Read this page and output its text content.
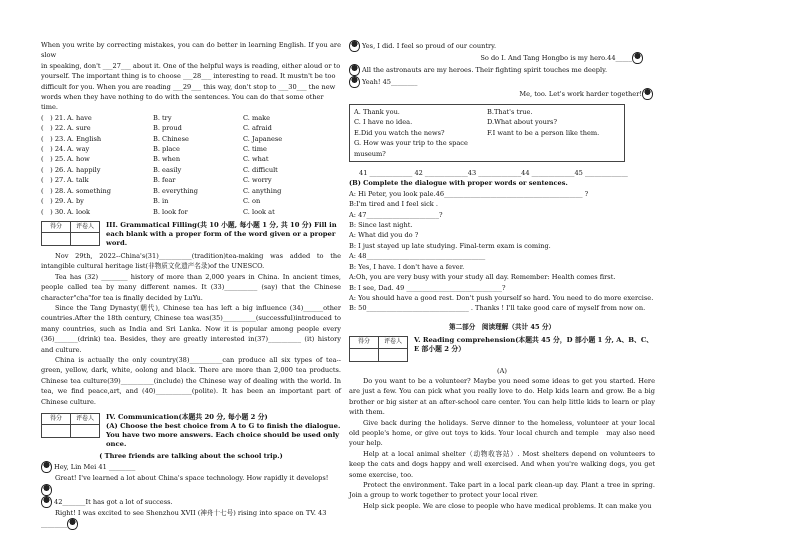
When you write by correcting mistakes, you can do better in learning English. If you are slow

in speaking, don't ___27___ about it. One of the helpful ways is reading, either aloud or to

yourself. The important thing is to choose ___28___ interesting to read. It mustn't be too

difficult for you. When you are reading ___29___ this way, don't stop to ___30___ the new

words when they have nothing to do with the sentences. You can do that some other time.

(　) 21. A. have	B. try	C. make
(　) 22. A. sure	B. proud	C. afraid
(　) 23. A. English	B. Chinese	C. Japanese
(　) 24. A. way	B. place	C. time
(　) 25. A. how	B. when	C. what
(　) 26. A. happily	B. easily	C. difficult
(　) 27. A. talk	B. fear	C. worry
(　) 28. A. something	B. everything	C. anything
(　) 29. A. by	B. in	C. on
(　) 30. A. look	B. look for	C. look at
得分	评卷人
	III. Grammatical Filling(共 10 小题, 每小题 1 分, 共 10 分) Fill in each blank with a proper form of the word given or a proper word.

Nov 29th, 2022--China's(31)__________(tradition)tea-making was added to the intangible cultural heritage list(非物质文化遗产名录)of the UNESCO.

Tea has (32) ________ history of more than 2,000 years in China. In ancient times, people called tea by many different names. It (33)__________ (say) that the Chinese character"cha"for tea is finally decided by LuYu.

Since the Tang Dynasty(朝代), Chinese tea has left a big influence (34)______other countries.After the 18th century, Chinese tea was(35)__________(successful)introduced to many countries, such as India and Sri Lanka. Now it is popular among people every (36)_______(drink) tea. Besides, they are greatly interested in(37)__________ (it) history and culture.

China is actually the only country(38)__________can produce all six types of tea--green, yellow, dark, white, oolong and black. There are more than 2,000 tea products. Chinese tea culture(39)__________(include) the Chinese way of dealing with the world. In tea, we find peace,art, and (40)___________(polite). It has been an important part of Chinese culture.

得分	评卷人
	IV. Communication(本题共 20 分, 每小题 2 分)
(A) Choose the best choice from A to G to finish the dialogue. You have two more answers. Each choice should be used only once.

( Three friends are talking about the school trip.)

Hey, Lin Mei 41 ________

Great! I've learned a lot about China's space technology. How rapidly it develops!

42_______It has got a lot of success.

Right! I was excited to see Shenzhou XVII (神舟十七号) rising into space on TV. 43 ________

Yes, I did. I feel so proud of our country.

So do I. And Tang Hongbo is my hero.44_____

All the astronauts are my heroes. Their fighting spirit touches me deeply.

Yeah! 45________

Me, too. Let's work harder together!

A. Thank you.	B.That's true.
C. I have no idea.	D.What about yours?
E.Did you watch the news?	F.I want to be a person like them.
G. How was your trip to the space museum?

41 _____________ 42 _____________43 _____________44 _____________45 _____________

(B) Complete the dialogue with proper words or sentences.

A: Hi Peter, you look pale.46__________________________________________ ?

B:I'm tired and I feel sick .

A: 47______________________?

B: Since last night.

A: What did you do ?

B: I just stayed up late studying. Final-term exam is coming.

A: 48____________________________________

B: Yes, I have. I don't have a fever.

A:Oh, you are very busy with your study all day. Remember: Health comes first.

B: I see, Dad. 49 _____________________________?

A: You should have a good rest. Don't push yourself so hard. You need to do more exercise.

B: 50_______________________________ . Thanks ! I'll take good care of myself from now on.

第二部分　阅读理解（共计 45 分）

得分	评卷人
	V. Reading comprehension(本题共 45 分，D 部小题 1 分, A、B、C、E 部小题 2 分）

(A)

Do you want to be a volunteer? Maybe you need some ideas to get you started. Here are just a few. You can pick what you really love to do. Help kids learn and grow. Be a big brother or big sister at an after-school care center. You can help little kids to learn or play with them.

Give back during the holidays. Serve dinner to the homeless, volunteer at your local old people's home, or give out toys to kids. Your local church and temple　may also need your help.

Help at a local animal shelter（动物收容站）. Most shelters depend on volunteers to keep the cats and dogs happy and well exercised. And when you're walking dogs, you get some exercise, too.

Protect the environment. Take part in a local park clean-up day. Plant a tree in spring. Join a group to work together to protect your local river.

Help sick people. We are close to people who have medical problems. It can make you
